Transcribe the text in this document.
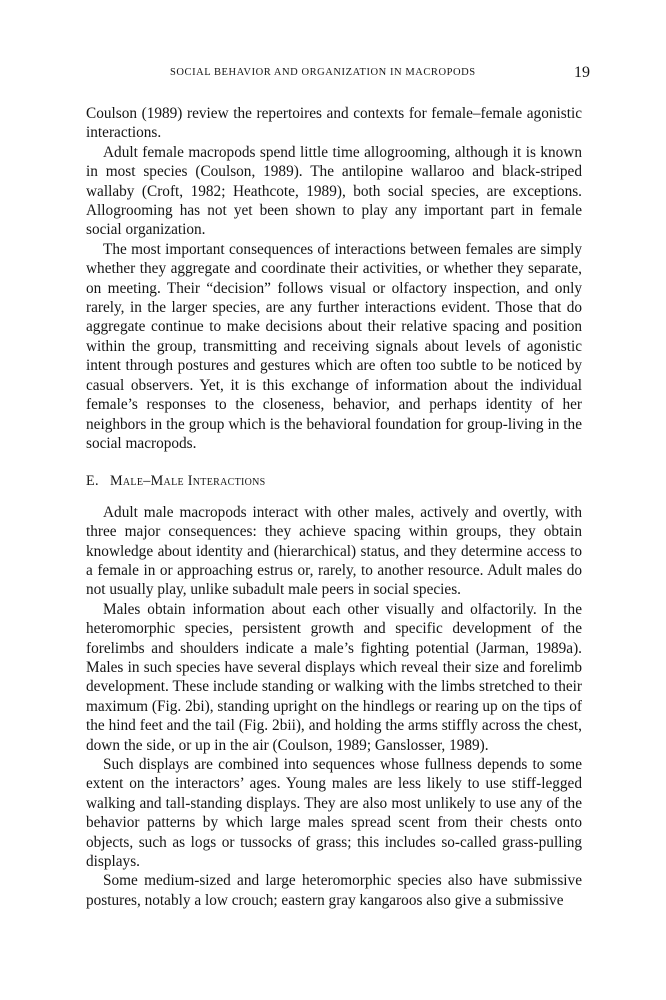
SOCIAL BEHAVIOR AND ORGANIZATION IN MACROPODS	19

Coulson (1989) review the repertoires and contexts for female–female agonistic interactions.

Adult female macropods spend little time allogrooming, although it is known in most species (Coulson, 1989). The antilopine wallaroo and black-striped wallaby (Croft, 1982; Heathcote, 1989), both social species, are exceptions. Allogrooming has not yet been shown to play any important part in female social organization.

The most important consequences of interactions between females are simply whether they aggregate and coordinate their activities, or whether they separate, on meeting. Their “decision” follows visual or olfactory inspection, and only rarely, in the larger species, are any further interactions evident. Those that do aggregate continue to make decisions about their relative spacing and position within the group, transmitting and receiving signals about levels of agonistic intent through postures and gestures which are often too subtle to be noticed by casual observers. Yet, it is this exchange of information about the individual female’s responses to the closeness, behavior, and perhaps identity of her neighbors in the group which is the behavioral foundation for group-living in the social macropods.

E. Male–Male Interactions

Adult male macropods interact with other males, actively and overtly, with three major consequences: they achieve spacing within groups, they obtain knowledge about identity and (hierarchical) status, and they determine access to a female in or approaching estrus or, rarely, to another resource. Adult males do not usually play, unlike subadult male peers in social species.

Males obtain information about each other visually and olfactorily. In the heteromorphic species, persistent growth and specific development of the forelimbs and shoulders indicate a male’s fighting potential (Jarman, 1989a). Males in such species have several displays which reveal their size and forelimb development. These include standing or walking with the limbs stretched to their maximum (Fig. 2bi), standing upright on the hindlegs or rearing up on the tips of the hind feet and the tail (Fig. 2bii), and holding the arms stiffly across the chest, down the side, or up in the air (Coulson, 1989; Ganslosser, 1989).

Such displays are combined into sequences whose fullness depends to some extent on the interactors’ ages. Young males are less likely to use stiff-legged walking and tall-standing displays. They are also most unlikely to use any of the behavior patterns by which large males spread scent from their chests onto objects, such as logs or tussocks of grass; this includes so-called grass-pulling displays.

Some medium-sized and large heteromorphic species also have submissive postures, notably a low crouch; eastern gray kangaroos also give a submissive
